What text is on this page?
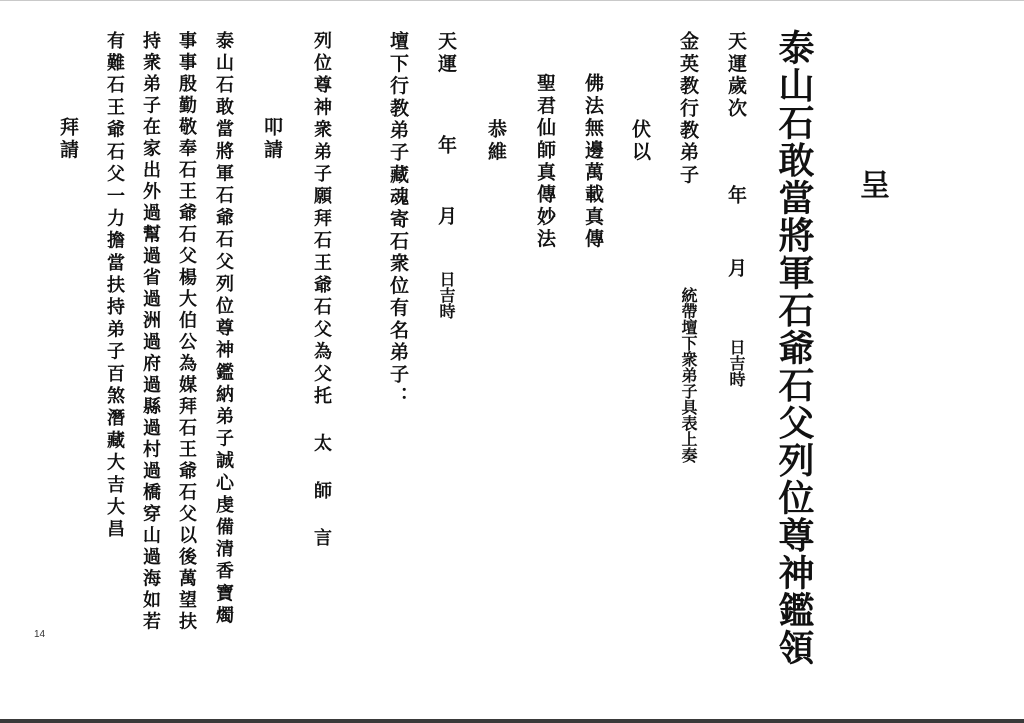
呈
泰山石敢當將軍石爺石父列位尊神鑑領
天運歲次
年
月
日吉時
金英教行教弟子
統帶壇下衆弟子具表上奏
伏以
佛法無邊萬載真傳
聖君仙師真傳妙法
恭維
天運
年
月
日吉時
壇下行教弟子藏魂寄石衆位有名弟子：
列位尊神衆弟子願拜石王爺石父為父托 太 師 言
叩請
泰山石敢當將軍石爺石父列位尊神鑑納弟子誠心虔備清香寶燭
事事殷勤敬奉石王爺石父楊大伯公為媒拜石王爺石父以後萬望扶
持衆弟子在家出外過幫過省過洲過府過縣過村過橋穿山過海如若
有難石王爺石父一力擔當扶持弟子百煞潛藏大吉大昌
拜請
14
